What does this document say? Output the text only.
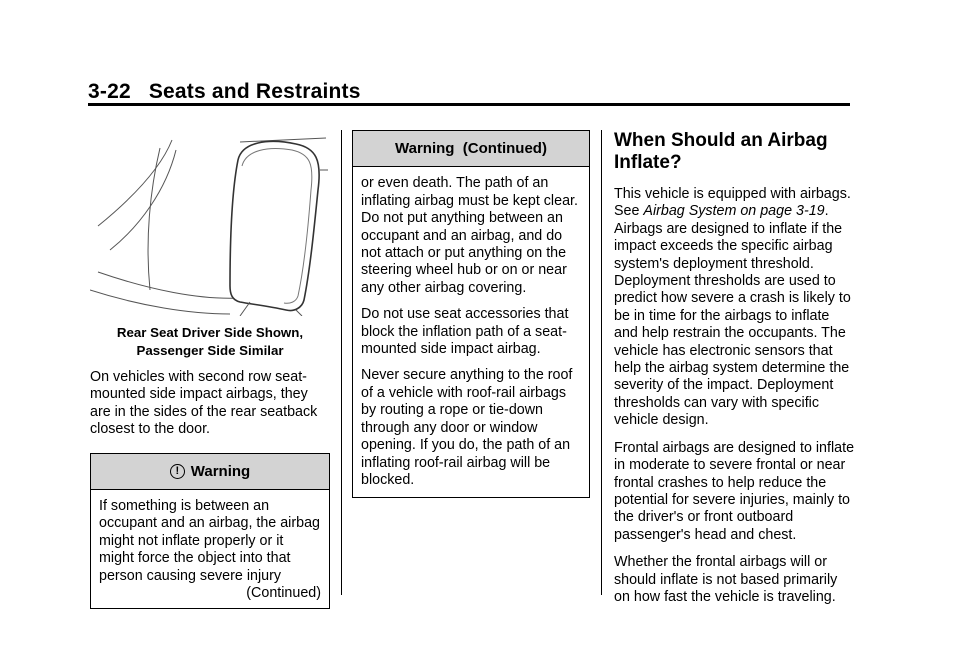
3-22 Seats and Restraints
Rear Seat Driver Side Shown,
Passenger Side Similar

On vehicles with second row seat-mounted side impact airbags, they are in the sides of the rear seatback closest to the door.

! Warning

If something is between an occupant and an airbag, the airbag might not inflate properly or it might force the object into that person causing severe injury

(Continued)
Warning  (Continued)

or even death. The path of an inflating airbag must be kept clear. Do not put anything between an occupant and an airbag, and do not attach or put anything on the steering wheel hub or on or near any other airbag covering.

Do not use seat accessories that block the inflation path of a seat-mounted side impact airbag.

Never secure anything to the roof of a vehicle with roof-rail airbags by routing a rope or tie-down through any door or window opening. If you do, the path of an inflating roof-rail airbag will be blocked.

When Should an Airbag Inflate?

This vehicle is equipped with airbags. See Airbag System on page 3-19. Airbags are designed to inflate if the impact exceeds the specific airbag system's deployment threshold. Deployment thresholds are used to predict how severe a crash is likely to be in time for the airbags to inflate and help restrain the occupants. The vehicle has electronic sensors that help the airbag system determine the severity of the impact. Deployment thresholds can vary with specific vehicle design.

Frontal airbags are designed to inflate in moderate to severe frontal or near frontal crashes to help reduce the potential for severe injuries, mainly to the driver's or front outboard passenger's head and chest.

Whether the frontal airbags will or should inflate is not based primarily on how fast the vehicle is traveling.
